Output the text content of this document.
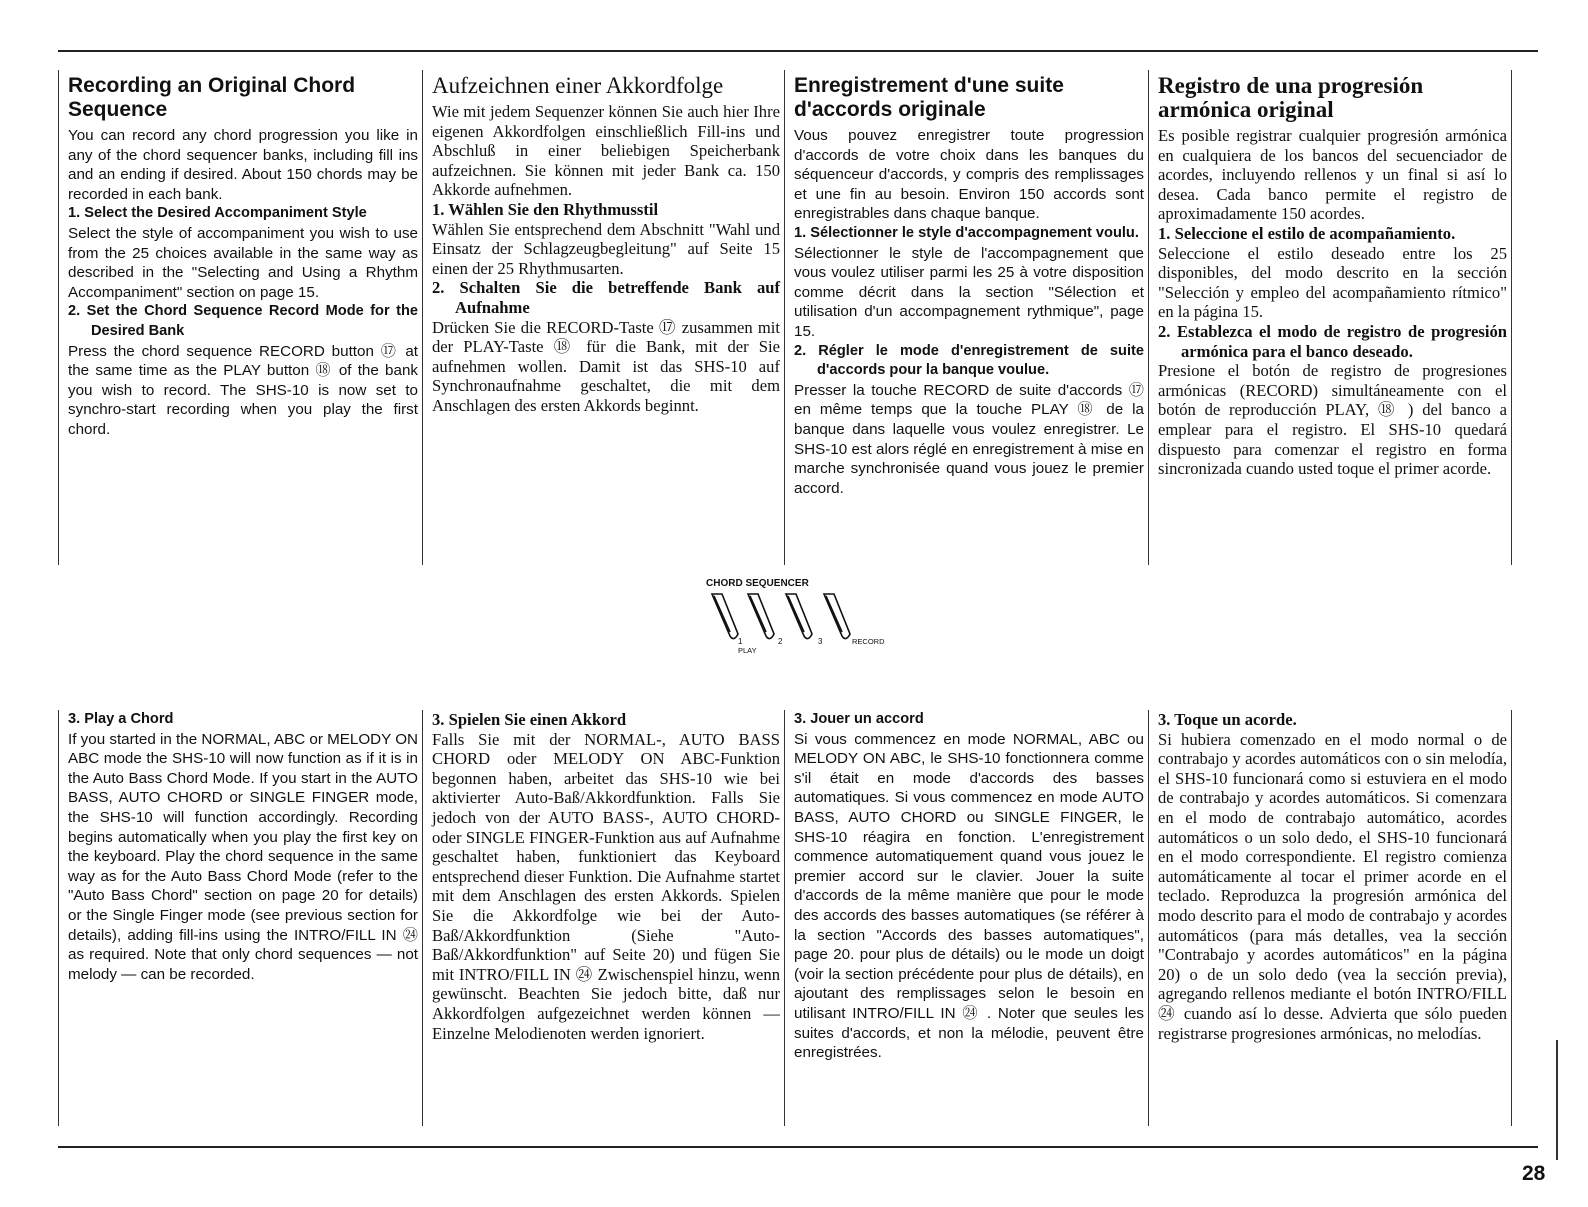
Recording an Original Chord Sequence

You can record any chord progression you like in any of the chord sequencer banks, including fill ins and an ending if desired. About 150 chords may be recorded in each bank.

1. Select the Desired Accompaniment Style

Select the style of accompaniment you wish to use from the 25 choices available in the same way as described in the "Selecting and Using a Rhythm Accompaniment" section on page 15.

2. Set the Chord Sequence Record Mode for the Desired Bank

Press the chord sequence RECORD button ⑰ at the same time as the PLAY button ⑱ of the bank you wish to record. The SHS-10 is now set to synchro-start recording when you play the first chord.

Aufzeichnen einer Akkordfolge

Wie mit jedem Sequenzer können Sie auch hier Ihre eigenen Akkordfolgen einschließlich Fill-ins und Abschluß in einer beliebigen Speicherbank aufzeichnen. Sie können mit jeder Bank ca. 150 Akkorde aufnehmen.

1. Wählen Sie den Rhythmusstil

Wählen Sie entsprechend dem Abschnitt "Wahl und Einsatz der Schlagzeugbegleitung" auf Seite 15 einen der 25 Rhythmusarten.

2. Schalten Sie die betreffende Bank auf Aufnahme

Drücken Sie die RECORD-Taste ⑰ zusammen mit der PLAY-Taste ⑱ für die Bank, mit der Sie aufnehmen wollen. Damit ist das SHS-10 auf Synchronaufnahme geschaltet, die mit dem Anschlagen des ersten Akkords beginnt.

Enregistrement d'une suite d'accords originale

Vous pouvez enregistrer toute progression d'accords de votre choix dans les banques du séquenceur d'accords, y compris des remplissages et une fin au besoin. Environ 150 accords sont enregistrables dans chaque banque.

1. Sélectionner le style d'accompagnement voulu.

Sélectionner le style de l'accompagnement que vous voulez utiliser parmi les 25 à votre disposition comme décrit dans la section "Sélection et utilisation d'un accompagnement rythmique", page 15.

2. Régler le mode d'enregistrement de suite d'accords pour la banque voulue.

Presser la touche RECORD de suite d'accords ⑰ en même temps que la touche PLAY ⑱ de la banque dans laquelle vous voulez enregistrer. Le SHS-10 est alors réglé en enregistrement à mise en marche synchronisée quand vous jouez le premier accord.

Registro de una progresión armónica original

Es posible registrar cualquier progresión armónica en cualquiera de los bancos del secuenciador de acordes, incluyendo rellenos y un final si así lo desea. Cada banco permite el registro de aproximadamente 150 acordes.

1. Seleccione el estilo de acompañamiento.

Seleccione el estilo deseado entre los 25 disponibles, del modo descrito en la sección "Selección y empleo del acompañamiento rítmico" en la página 15.

2. Establezca el modo de registro de progresión armónica para el banco deseado.

Presione el botón de registro de progresiones armónicas (RECORD) simultáneamente con el botón de reproducción PLAY, ⑱ ) del banco a emplear para el registro. El SHS-10 quedará dispuesto para comenzar el registro en forma sincronizada cuando usted toque el primer acorde.

CHORD SEQUENCER
1	2	3	RECORD
PLAY

3. Play a Chord

If you started in the NORMAL, ABC or MELODY ON ABC mode the SHS-10 will now function as if it is in the Auto Bass Chord Mode. If you start in the AUTO BASS, AUTO CHORD or SINGLE FINGER mode, the SHS-10 will function accordingly. Recording begins automatically when you play the first key on the keyboard. Play the chord sequence in the same way as for the Auto Bass Chord Mode (refer to the "Auto Bass Chord" section on page 20 for details) or the Single Finger mode (see previous section for details), adding fill-ins using the INTRO/FILL IN ㉔ as required. Note that only chord sequences — not melody — can be recorded.

3. Spielen Sie einen Akkord

Falls Sie mit der NORMAL-, AUTO BASS CHORD oder MELODY ON ABC-Funktion begonnen haben, arbeitet das SHS-10 wie bei aktivierter Auto-Baß/Akkordfunktion. Falls Sie jedoch von der AUTO BASS-, AUTO CHORD- oder SINGLE FINGER-Funktion aus auf Aufnahme geschaltet haben, funktioniert das Keyboard entsprechend dieser Funktion. Die Aufnahme startet mit dem Anschlagen des ersten Akkords. Spielen Sie die Akkordfolge wie bei der Auto-Baß/Akkordfunktion (Siehe "Auto-Baß/Akkordfunktion" auf Seite 20) und fügen Sie mit INTRO/FILL IN ㉔ Zwischenspiel hinzu, wenn gewünscht. Beachten Sie jedoch bitte, daß nur Akkordfolgen aufgezeichnet werden können — Einzelne Melodienoten werden ignoriert.

3. Jouer un accord

Si vous commencez en mode NORMAL, ABC ou MELODY ON ABC, le SHS-10 fonctionnera comme s'il était en mode d'accords des basses automatiques. Si vous commencez en mode AUTO BASS, AUTO CHORD ou SINGLE FINGER, le SHS-10 réagira en fonction. L'enregistrement commence automatiquement quand vous jouez le premier accord sur le clavier. Jouer la suite d'accords de la même manière que pour le mode des accords des basses automatiques (se référer à la section "Accords des basses automatiques", page 20. pour plus de détails) ou le mode un doigt (voir la section précédente pour plus de détails), en ajoutant des remplissages selon le besoin en utilisant INTRO/FILL IN ㉔ . Noter que seules les suites d'accords, et non la mélodie, peuvent être enregistrées.

3. Toque un acorde.

Si hubiera comenzado en el modo normal o de contrabajo y acordes automáticos con o sin melodía, el SHS-10 funcionará como si estuviera en el modo de contrabajo y acordes automáticos. Si comenzara en el modo de contrabajo automático, acordes automáticos o un solo dedo, el SHS-10 funcionará en el modo correspondiente. El registro comienza automáticamente al tocar el primer acorde en el teclado. Reproduzca la progresión armónica del modo descrito para el modo de contrabajo y acordes automáticos (para más detalles, vea la sección "Contrabajo y acordes automáticos" en la página 20) o de un solo dedo (vea la sección previa), agregando rellenos mediante el botón INTRO/FILL ㉔ cuando así lo desse. Advierta que sólo pueden registrarse progresiones armónicas, no melodías.

28
